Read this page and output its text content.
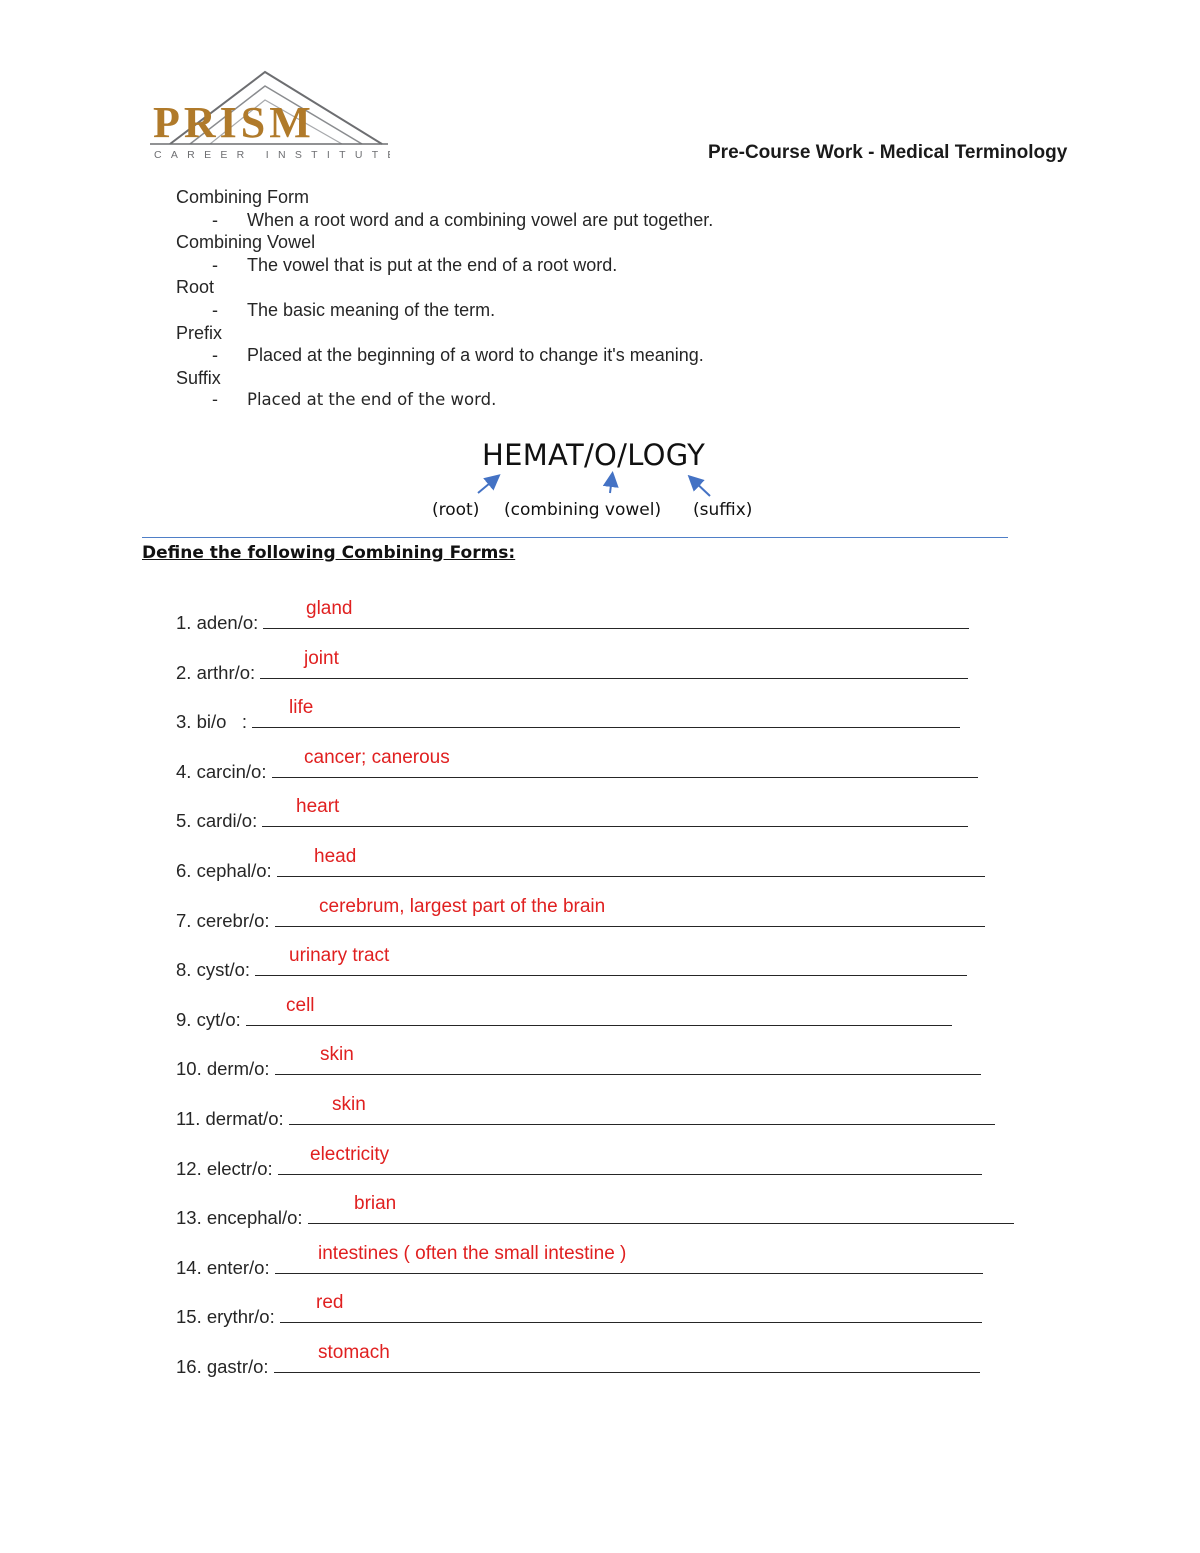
PRISM
CAREER INSTITUTE	Pre-Course Work - Medical Terminology
Combining Form
- When a root word and a combining vowel are put together.
Combining Vowel
- The vowel that is put at the end of a root word.
Root
- The basic meaning of the term.
Prefix
- Placed at the beginning of a word to change it's meaning.
Suffix
- Placed at the end of the word.
HEMAT/O/LOGY
(root) (combining vowel) (suffix)
Define the following Combining Forms:
1. aden/o:
gland
2. arthr/o:
joint
3. bi/o   :
life
4. carcin/o:
cancer; canerous
5. cardi/o:
heart
6. cephal/o:
head
7. cerebr/o:
cerebrum, largest part of the brain
8. cyst/o:
urinary tract
9. cyt/o:
cell
10. derm/o:
skin
11. dermat/o:
skin
12. electr/o:
electricity
13. encephal/o:
brian
14. enter/o:
intestines ( often the small intestine )
15. erythr/o:
red
16. gastr/o:
stomach
